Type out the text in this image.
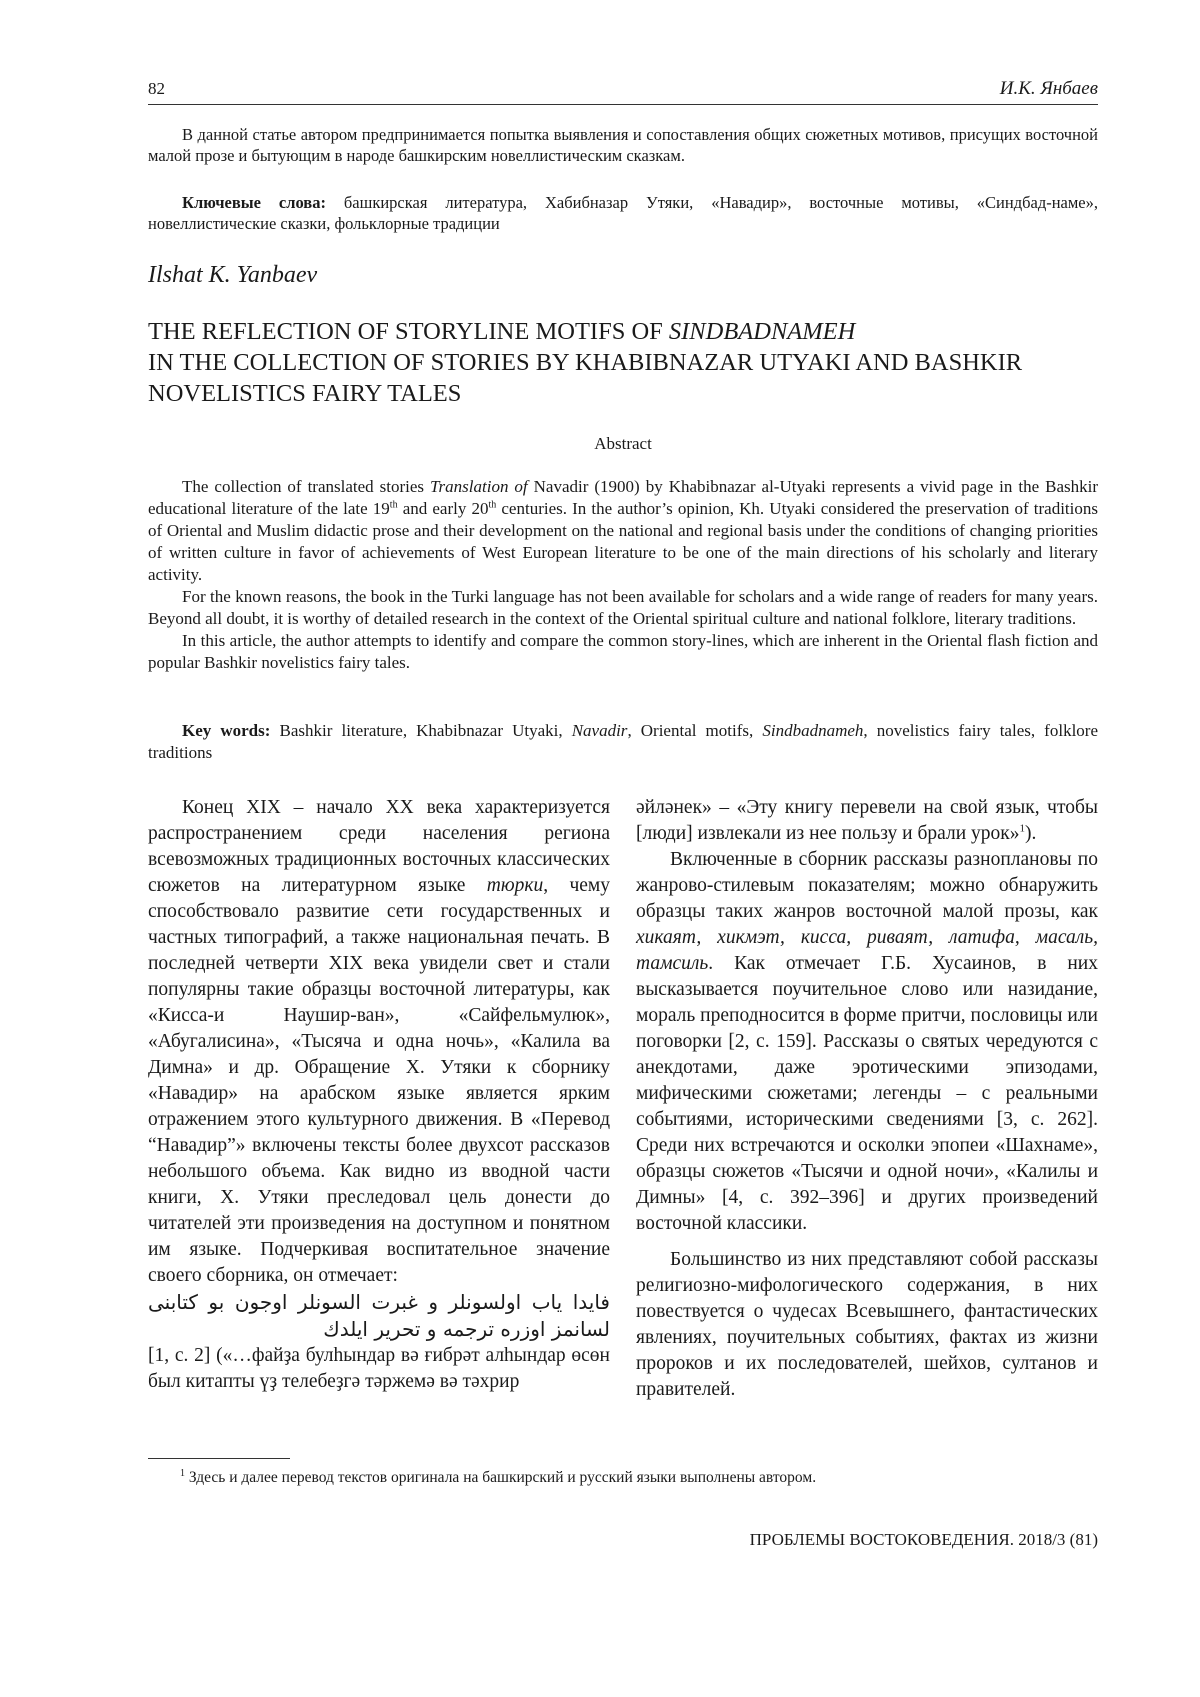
82	И.К. Янбаев
В данной статье автором предпринимается попытка выявления и сопоставления общих сюжетных мотивов, присущих восточной малой прозе и бытующим в народе башкирским новеллистическим сказкам.
Ключевые слова: башкирская литература, Хабибназар Утяки, «Навадир», восточные мотивы, «Синдбад-наме», новеллистические сказки, фольклорные традиции
Ilshat K. Yanbaev
THE REFLECTION OF STORYLINE MOTIFS OF SINDBADNAMEH
IN THE COLLECTION OF STORIES BY KHABIBNAZAR UTYAKI AND BASHKIR NOVELISTICS FAIRY TALES
Abstract

The collection of translated stories Translation of Navadir (1900) by Khabibnazar al-Utyaki represents a vivid page in the Bashkir educational literature of the late 19th and early 20th centuries. In the author’s opinion, Kh. Utyaki considered the preservation of traditions of Oriental and Muslim didactic prose and their development on the national and regional basis under the conditions of changing priorities of written culture in favor of achievements of West European literature to be one of the main directions of his scholarly and literary activity.

For the known reasons, the book in the Turki language has not been available for scholars and a wide range of readers for many years. Beyond all doubt, it is worthy of detailed research in the context of the Oriental spiritual culture and national folklore, literary traditions.

In this article, the author attempts to identify and compare the common story-lines, which are inherent in the Oriental flash fiction and popular Bashkir novelistics fairy tales.

Key words: Bashkir literature, Khabibnazar Utyaki, Navadir, Oriental motifs, Sindbadnameh, novelistics fairy tales, folklore traditions

Конец XIX – начало XX века характеризуется распространением среди населения региона всевозможных традиционных восточных классических сюжетов на литературном языке тюрки, чему способствовало развитие сети государственных и частных типографий, а также национальная печать. В последней четверти XIX века увидели свет и стали популярны такие образцы восточной литературы, как «Кисса-и Наушир-ван», «Сайфельмулюк», «Абугалисина», «Тысяча и одна ночь», «Калила ва Димна» и др. Обращение Х. Утяки к сборнику «Навадир» на арабском языке является ярким отражением этого культурного движения. В «Перевод “Навадир”» включены тексты более двухсот рассказов небольшого объема. Как видно из вводной части книги, Х. Утяки преследовал цель донести до читателей эти произведения на доступном и понятном им языке. Подчеркивая воспитательное значение своего сборника, он отмечает:

فایدا یاب اولسونلر و غبرت السونلر اوجون بو کتابنی لسانمز اوزره ترجمه و تحریر ایلدك

[1, с. 2] («…файҙа булһындар вә ғибрәт алһындар өсөн был китапты үҙ телебеҙгә тәржемә вә тәхрир

әйләнек» – «Эту книгу перевели на свой язык, чтобы [люди] извлекали из нее пользу и брали урок»$^1$).

Включенные в сборник рассказы разноплановы по жанрово-стилевым показателям; можно обнаружить образцы таких жанров восточной малой прозы, как хикаят, хикмэт, кисса, риваят, латифа, масаль, тамсиль. Как отмечает Г.Б. Хусаинов, в них высказывается поучительное слово или назидание, мораль преподносится в форме притчи, пословицы или поговорки [2, с. 159]. Рассказы о святых чередуются с анекдотами, даже эротическими эпизодами, мифическими сюжетами; легенды – с реальными событиями, историческими сведениями [3, с. 262]. Среди них встречаются и осколки эпопеи «Шахнаме», образцы сюжетов «Тысячи и одной ночи», «Калилы и Димны» [4, с. 392–396] и других произведений восточной классики.

Большинство из них представляют собой рассказы религиозно-мифологического содержания, в них повествуется о чудесах Всевышнего, фантастических явлениях, поучительных событиях, фактах из жизни пророков и их последователей, шейхов, султанов и правителей.

$^1$ Здесь и далее перевод текстов оригинала на башкирский и русский языки выполнены автором.
ПРОБЛЕМЫ ВОСТОКОВЕДЕНИЯ. 2018/3 (81)
